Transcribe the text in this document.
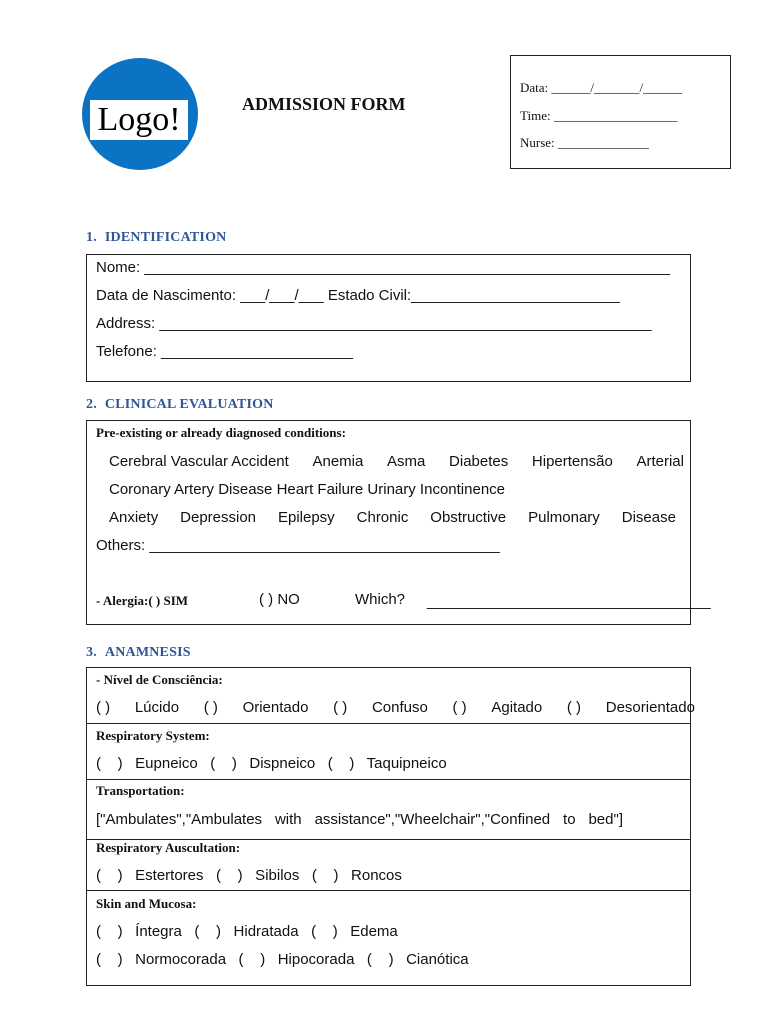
Logo!	ADMISSION FORM
Data: ______/_______/______
Time: ___________________
Nurse: ______________
1. IDENTIFICATION
Nome: _______________________________________________________________
Data de Nascimento: ___/___/___ Estado Civil:_________________________
Address: ___________________________________________________________
Telefone: _______________________
2. CLINICAL EVALUATION
Pre-existing or already diagnosed conditions:
Cerebral Vascular Accident Anemia Asma Diabetes Hipertensão Arterial
Coronary Artery Disease Heart Failure Urinary Incontinence
Anxiety Depression Epilepsy Chronic Obstructive Pulmonary Disease
Others: __________________________________________
- Alergia:( ) SIM	( ) NO	Which? __________________________________
3. ANAMNESIS
- Nível de Consciência:
( ) Lúcido ( ) Orientado ( ) Confuso ( ) Agitado ( ) Desorientado
Respiratory System:
(    )   Eupneico   (    )   Dispneico   (    )   Taquipneico
Transportation:
["Ambulates","Ambulates with assistance","Wheelchair","Confined to bed"]
Respiratory Auscultation:
(    )   Estertores   (    )   Sibilos   (    )   Roncos
Skin and Mucosa:
(    )   Íntegra   (    )   Hidratada   (    )   Edema
(    )   Normocorada   (    )   Hipocorada   (    )   Cianótica
